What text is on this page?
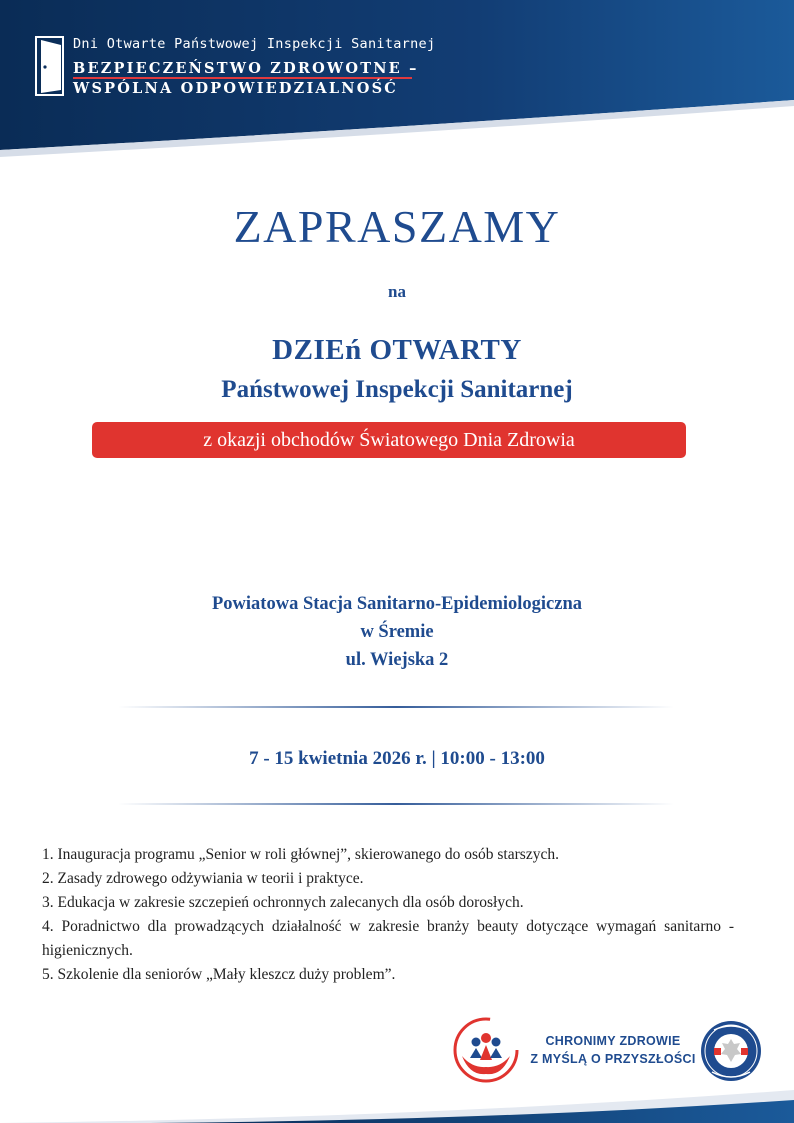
Dni Otwarte Państwowej Inspekcji Sanitarnej
BEZPIECZEŃSTWO ZDROWOTNE –
WSPÓLNA ODPOWIEDZIALNOŚĆ
ZAPRASZAMY
na
DZIEń OTWARTY
Państwowej Inspekcji Sanitarnej
z okazji obchodów Światowego Dnia Zdrowia
Powiatowa Stacja Sanitarno-Epidemiologiczna
w Śremie
ul. Wiejska 2
7 - 15 kwietnia 2026 r. | 10:00 - 13:00
1. Inauguracja programu „Senior w roli głównej”, skierowanego do osób starszych.
2. Zasady zdrowego odżywiania w teorii i praktyce.
3. Edukacja w zakresie szczepień ochronnych zalecanych dla osób dorosłych.
4. Poradnictwo dla prowadzących działalność w zakresie branży beauty dotyczące wymagań sanitarno - higienicznych.
5. Szkolenie dla seniorów „Mały kleszcz duży problem”.
CHRONIMY ZDROWIE
Z MYŚLĄ O PRZYSZŁOŚCI
